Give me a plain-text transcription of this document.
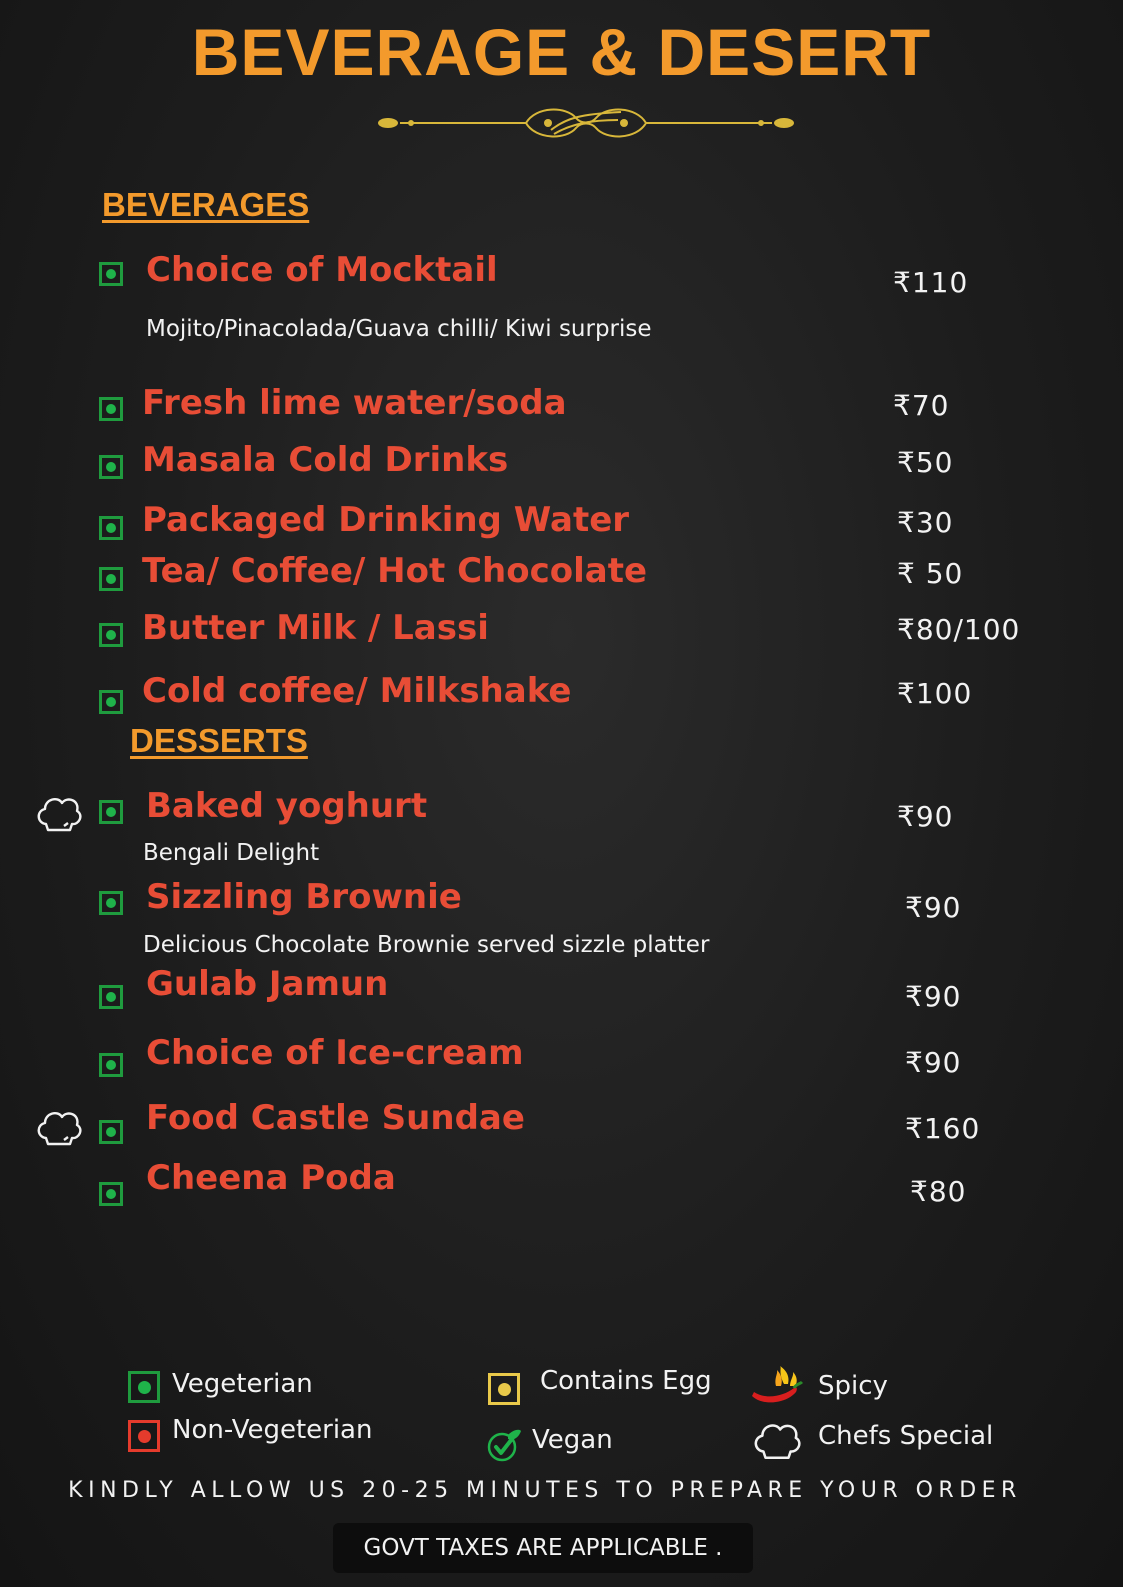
BEVERAGE & DESERT
BEVERAGES
Choice of Mocktail	₹110
Mojito/Pinacolada/Guava chilli/ Kiwi surprise
Fresh lime water/soda	₹70
Masala Cold Drinks	₹50
Packaged Drinking Water	₹30
Tea/ Coffee/ Hot Chocolate	₹ 50
Butter Milk / Lassi	₹80/100
Cold coffee/ Milkshake	₹100
DESSERTS
Baked yoghurt	₹90
Bengali Delight
Sizzling Brownie	₹90
Delicious Chocolate Brownie served sizzle platter
Gulab Jamun	₹90
Choice of Ice-cream	₹90
Food Castle Sundae	₹160
Cheena Poda	₹80
Vegeterian
Non-Vegeterian
Contains Egg
Vegan
Spicy
Chefs Special
KINDLY ALLOW US 20-25 MINUTES TO PREPARE YOUR ORDER
GOVT TAXES ARE APPLICABLE .
